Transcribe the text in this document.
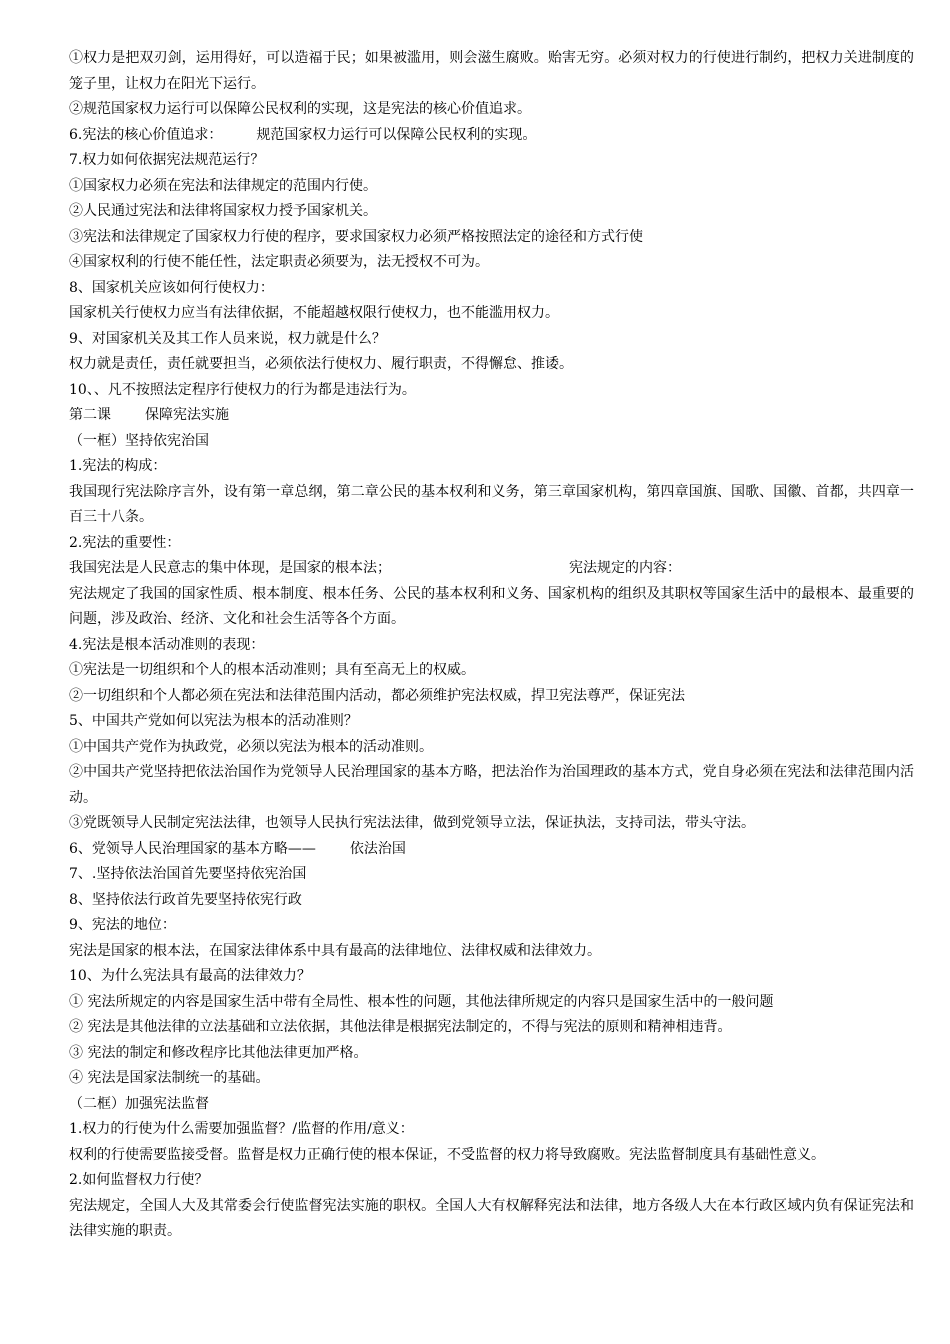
①权力是把双刃剑，运用得好，可以造福于民；如果被滥用，则会滋生腐败。贻害无穷。必须对权力的行使进行制约，把权力关进制度的笼子里，让权力在阳光下运行。
②规范国家权力运行可以保障公民权利的实现，这是宪法的核心价值追求。
6.宪法的核心价值追求： 规范国家权力运行可以保障公民权利的实现。
7.权力如何依据宪法规范运行？
①国家权力必须在宪法和法律规定的范围内行使。
②人民通过宪法和法律将国家权力授予国家机关。
③宪法和法律规定了国家权力行使的程序，要求国家权力必须严格按照法定的途径和方式行使
④国家权利的行使不能任性，法定职责必须要为，法无授权不可为。
8、国家机关应该如何行使权力：
国家机关行使权力应当有法律依据，不能超越权限行使权力，也不能滥用权力。
9、对国家机关及其工作人员来说，权力就是什么？
权力就是责任，责任就要担当，必须依法行使权力、履行职责，不得懈怠、推诿。
10、、凡不按照法定程序行使权力的行为都是违法行为。
第二课 保障宪法实施
（一框）坚持依宪治国
1.宪法的构成：
我国现行宪法除序言外，设有第一章总纲，第二章公民的基本权利和义务，第三章国家机构，第四章国旗、国歌、国徽、首都，共四章一百三十八条。
2.宪法的重要性：
我国宪法是人民意志的集中体现，是国家的根本法；	宪法规定的内容：
宪法规定了我国的国家性质、根本制度、根本任务、公民的基本权利和义务、国家机构的组织及其职权等国家生活中的最根本、最重要的问题，涉及政治、经济、文化和社会生活等各个方面。
4.宪法是根本活动准则的表现：
①宪法是一切组织和个人的根本活动准则；具有至高无上的权威。
②一切组织和个人都必须在宪法和法律范围内活动，都必须维护宪法权威，捍卫宪法尊严，保证宪法
5、中国共产党如何以宪法为根本的活动准则？
①中国共产党作为执政党，必须以宪法为根本的活动准则。
②中国共产党坚持把依法治国作为党领导人民治理国家的基本方略，把法治作为治国理政的基本方式，党自身必须在宪法和法律范围内活动。
③党既领导人民制定宪法法律，也领导人民执行宪法法律，做到党领导立法，保证执法，支持司法，带头守法。
6、党领导人民治理国家的基本方略—— 依法治国
7、.坚持依法治国首先要坚持依宪治国
8、坚持依法行政首先要坚持依宪行政
9、宪法的地位：
宪法是国家的根本法，在国家法律体系中具有最高的法律地位、法律权威和法律效力。
10、为什么宪法具有最高的法律效力？
① 宪法所规定的内容是国家生活中带有全局性、根本性的问题，其他法律所规定的内容只是国家生活中的一般问题
② 宪法是其他法律的立法基础和立法依据，其他法律是根据宪法制定的，不得与宪法的原则和精神相违背。
③ 宪法的制定和修改程序比其他法律更加严格。
④ 宪法是国家法制统一的基础。
（二框）加强宪法监督
1.权力的行使为什么需要加强监督？/监督的作用/意义：
权利的行使需要监接受督。监督是权力正确行使的根本保证，不受监督的权力将导致腐败。宪法监督制度具有基础性意义。
2.如何监督权力行使？
宪法规定，全国人大及其常委会行使监督宪法实施的职权。全国人大有权解释宪法和法律，地方各级人大在本行政区域内负有保证宪法和法律实施的职责。
